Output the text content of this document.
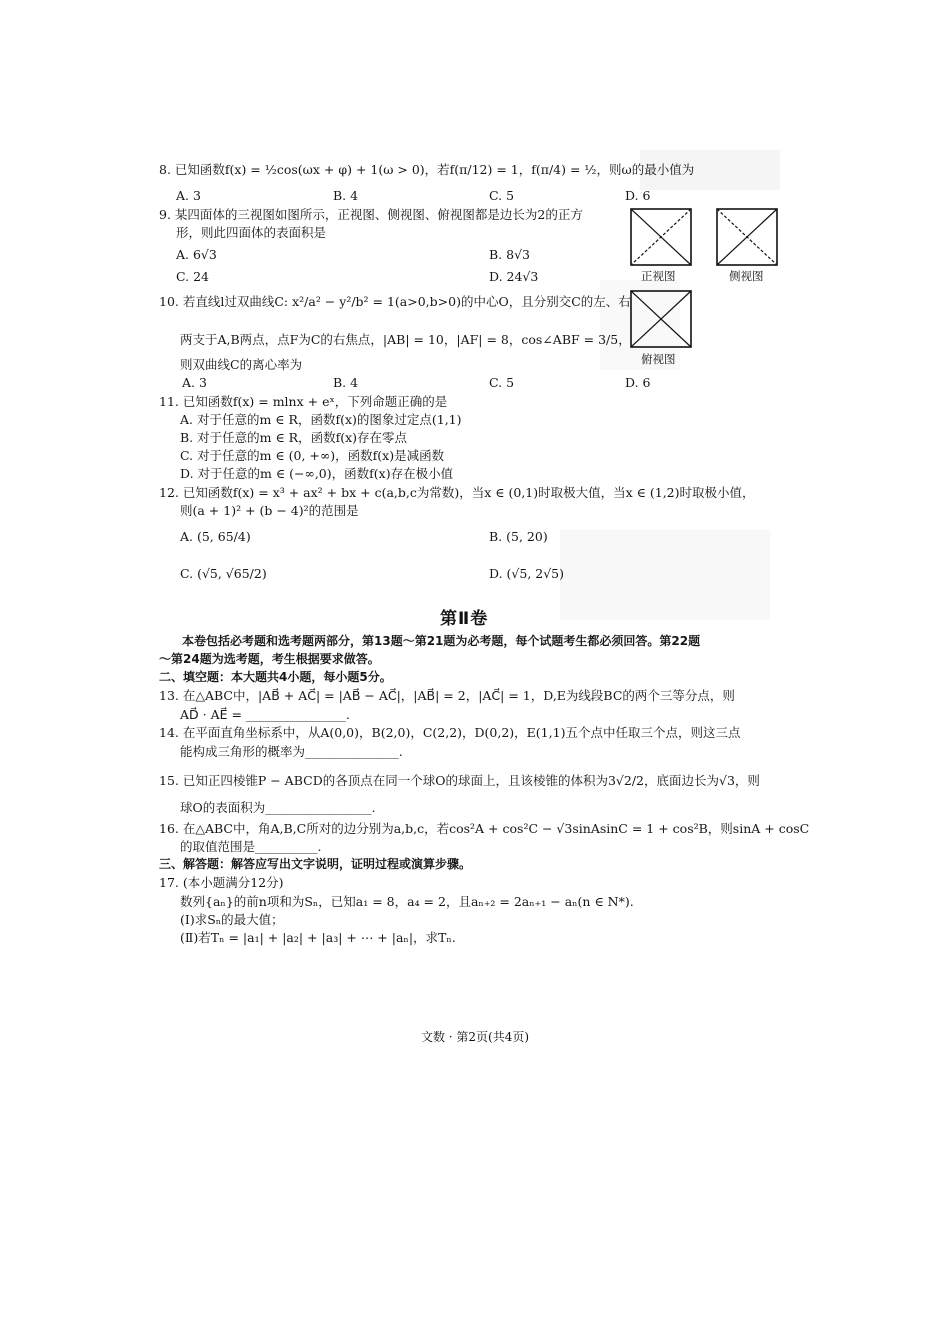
8. 已知函数f(x) = ½cos(ωx + φ) + 1(ω > 0)，若f(π/12) = 1，f(π/4) = ½，则ω的最小值为
A. 3	B. 4	C. 5	D. 6
9. 某四面体的三视图如图所示，正视图、侧视图、俯视图都是边长为2的正方
形，则此四面体的表面积是
A. 6√3	B. 8√3
C. 24	D. 24√3	正视图	侧视图
俯视图
10. 若直线l过双曲线C: x²/a² − y²/b² = 1(a>0,b>0)的中心O，且分别交C的左、右
两支于A,B两点，点F为C的右焦点，|AB| = 10，|AF| = 8，cos∠ABF = 3/5，
则双曲线C的离心率为
A. 3	B. 4	C. 5	D. 6
11. 已知函数f(x) = mlnx + eˣ，下列命题正确的是
A. 对于任意的m ∈ R，函数f(x)的图象过定点(1,1)
B. 对于任意的m ∈ R，函数f(x)存在零点
C. 对于任意的m ∈ (0, +∞)，函数f(x)是减函数
D. 对于任意的m ∈ (−∞,0)，函数f(x)存在极小值
12. 已知函数f(x) = x³ + ax² + bx + c(a,b,c为常数)，当x ∈ (0,1)时取极大值，当x ∈ (1,2)时取极小值，
则(a + 1)² + (b − 4)²的范围是
A. (5, 65/4)	B. (5, 20)
C. (√5, √65/2)	D. (√5, 2√5)
第Ⅱ卷
本卷包括必考题和选考题两部分，第13题～第21题为必考题，每个试题考生都必须回答。第22题
～第24题为选考题，考生根据要求做答。
二、填空题：本大题共4小题，每小题5分。
13. 在△ABC中，|AB⃗ + AC⃗| = |AB⃗ − AC⃗|，|AB⃗| = 2，|AC⃗| = 1，D,E为线段BC的两个三等分点，则
AD⃗ · AE⃗ = ________________.
14. 在平面直角坐标系中，从A(0,0)，B(2,0)，C(2,2)，D(0,2)，E(1,1)五个点中任取三个点，则这三点
能构成三角形的概率为_______________.
15. 已知正四棱锥P − ABCD的各顶点在同一个球O的球面上，且该棱锥的体积为3√2/2，底面边长为√3，则
球O的表面积为_________________.
16. 在△ABC中，角A,B,C所对的边分别为a,b,c，若cos²A + cos²C − √3sinAsinC = 1 + cos²B，则sinA + cosC
的取值范围是__________.
三、解答题：解答应写出文字说明，证明过程或演算步骤。
17. (本小题满分12分)
数列{aₙ}的前n项和为Sₙ，已知a₁ = 8，a₄ = 2，且aₙ₊₂ = 2aₙ₊₁ − aₙ(n ∈ N*).
(Ⅰ)求Sₙ的最大值；
(Ⅱ)若Tₙ = |a₁| + |a₂| + |a₃| + ⋯ + |aₙ|，求Tₙ.
文数 · 第2页(共4页)
